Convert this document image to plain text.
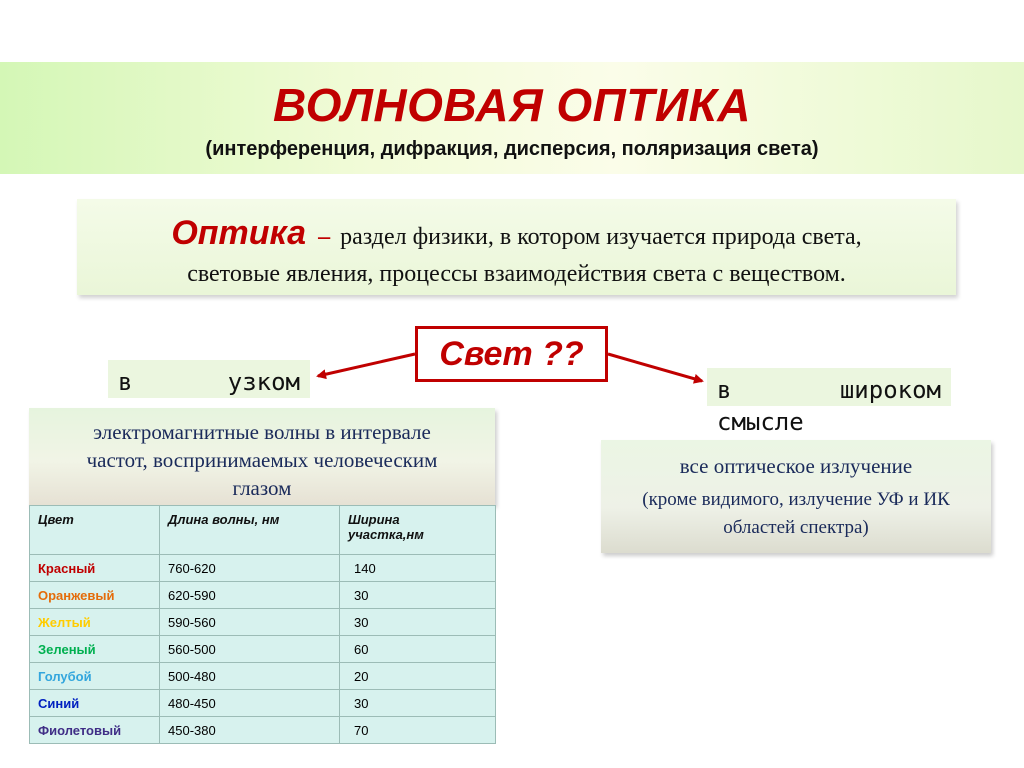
ВОЛНОВАЯ ОПТИКА
(интерференция, дифракция, дисперсия, поляризация света)
Оптика – раздел физики, в котором изучается природа света,
световые явления, процессы взаимодействия света с веществом.
Свет ??
в	узком	в	широком
смысле
электромагнитные волны в интервале
частот, воспринимаемых человеческим
глазом
все оптическое излучение
(кроме видимого, излучение УФ и ИК
областей спектра)
Цвет	Длина волны, нм	Ширина
участка,нм
Красный	760-620	140
Оранжевый	620-590	30
Желтый	590-560	30
Зеленый	560-500	60
Голубой	500-480	20
Синий	480-450	30
Фиолетовый	450-380	70
